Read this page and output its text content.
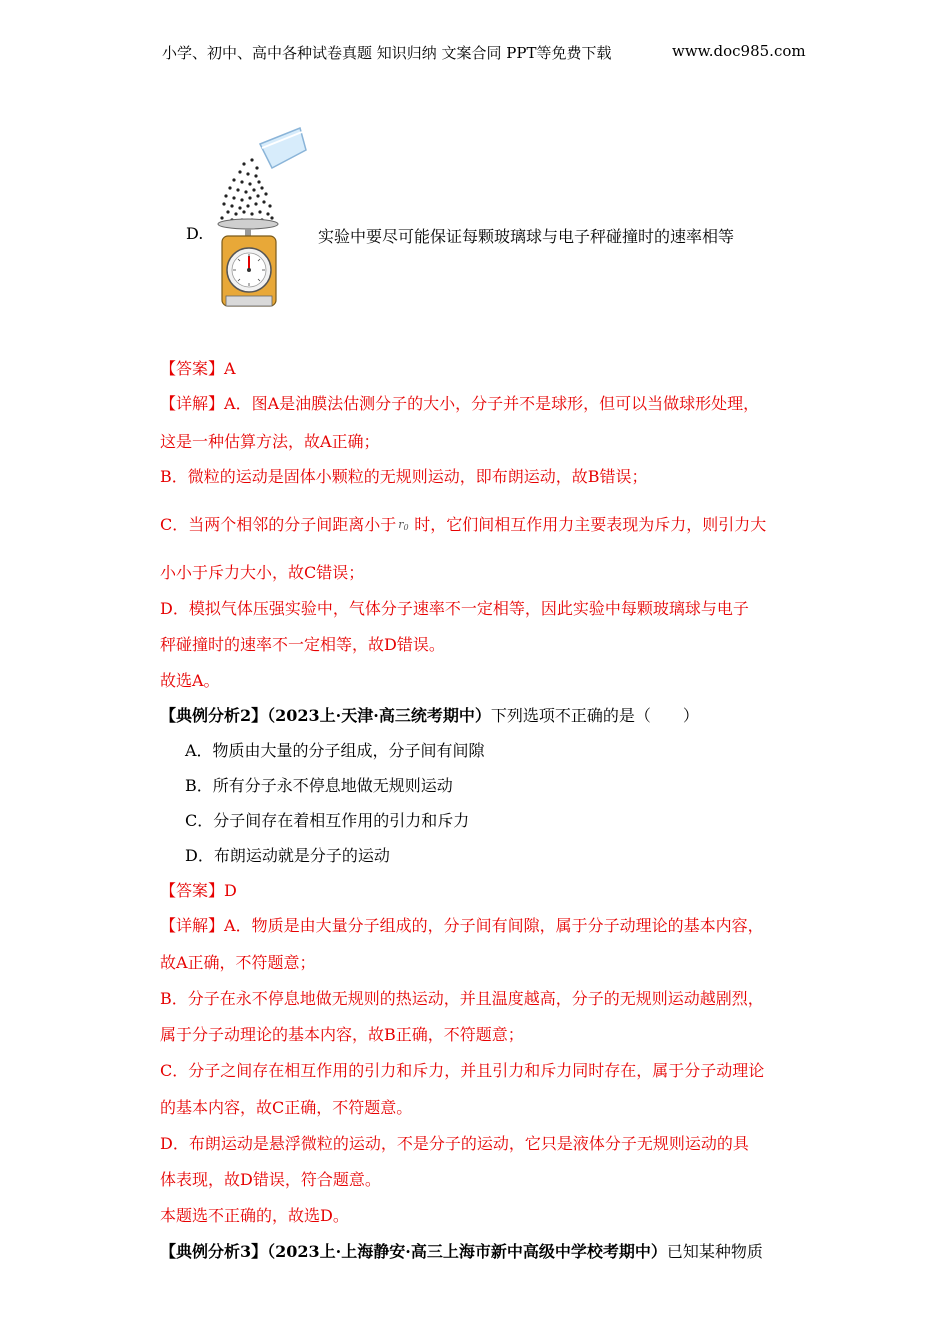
小学、初中、高中各种试卷真题 知识归纳 文案合同 PPT等免费下载	www.doc985.com
D.	实验中要尽可能保证每颗玻璃球与电子秤碰撞时的速率相等
【答案】A
【详解】A．图A是油膜法估测分子的大小，分子并不是球形，但可以当做球形处理，
这是一种估算方法，故A正确；
B．微粒的运动是固体小颗粒的无规则运动，即布朗运动，故B错误；
C．当两个相邻的分子间距离小于 r0 时，它们间相互作用力主要表现为斥力，则引力大
小小于斥力大小，故C错误；
D．模拟气体压强实验中，气体分子速率不一定相等，因此实验中每颗玻璃球与电子
秤碰撞时的速率不一定相等，故D错误。
故选A。
【典例分析2】（2023上·天津·高三统考期中）下列选项不正确的是（　　）
A．物质由大量的分子组成，分子间有间隙
B．所有分子永不停息地做无规则运动
C．分子间存在着相互作用的引力和斥力
D．布朗运动就是分子的运动
【答案】D
【详解】A．物质是由大量分子组成的，分子间有间隙，属于分子动理论的基本内容，
故A正确，不符题意；
B．分子在永不停息地做无规则的热运动，并且温度越高，分子的无规则运动越剧烈，
属于分子动理论的基本内容，故B正确，不符题意；
C．分子之间存在相互作用的引力和斥力，并且引力和斥力同时存在，属于分子动理论
的基本内容，故C正确，不符题意。
D．布朗运动是悬浮微粒的运动，不是分子的运动，它只是液体分子无规则运动的具
体表现，故D错误，符合题意。
本题选不正确的，故选D。
【典例分析3】（2023上·上海静安·高三上海市新中高级中学校考期中）已知某种物质
